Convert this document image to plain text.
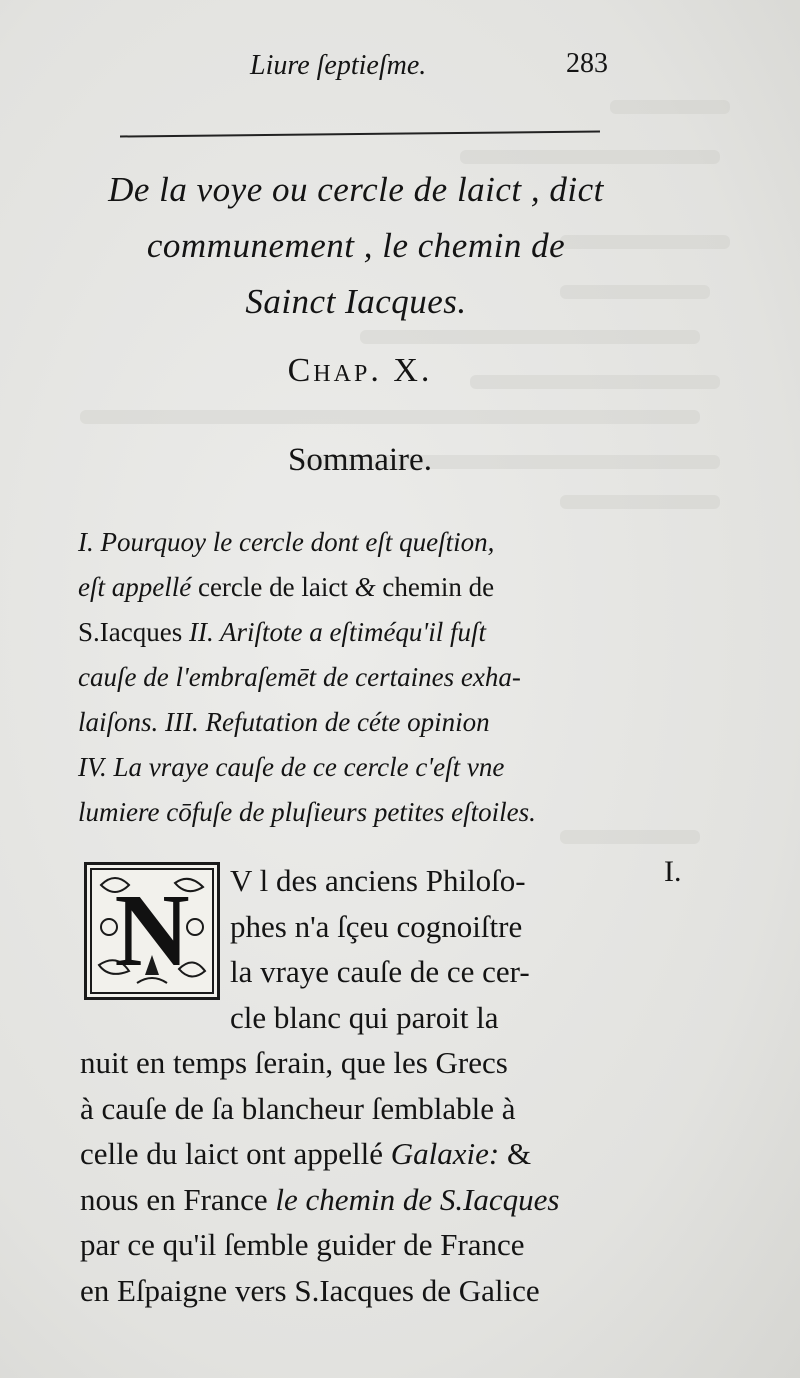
Liure ſeptieſme.	283
De la voye ou cercle de laict , dict
communement , le chemin de
Sainct Iacques.
Chap. X.
Sommaire.
I. Pourquoy le cercle dont eſt queſtion,
eſt appellé cercle de laict & chemin de
S.Iacques II. Ariſtote a eſtiméqu'il fuſt
cauſe de l'embraſemēt de certaines exha-
laiſons. III. Refutation de céte opinion
IV. La vraye cauſe de ce cercle c'eſt vne
lumiere cōfuſe de pluſieurs petites eſtoiles.
I.
N	V l des anciens Philoſo-
phes n'a ſçeu cognoiſtre
la vraye cauſe de ce cer-
cle blanc qui paroit la
nuit en temps ſerain, que les Grecs
à cauſe de ſa blancheur ſemblable à
celle du laict ont appellé Galaxie: &
nous en France le chemin de S.Iacques
par ce qu'il ſemble guider de France
en Eſpaigne vers S.Iacques de Galice
